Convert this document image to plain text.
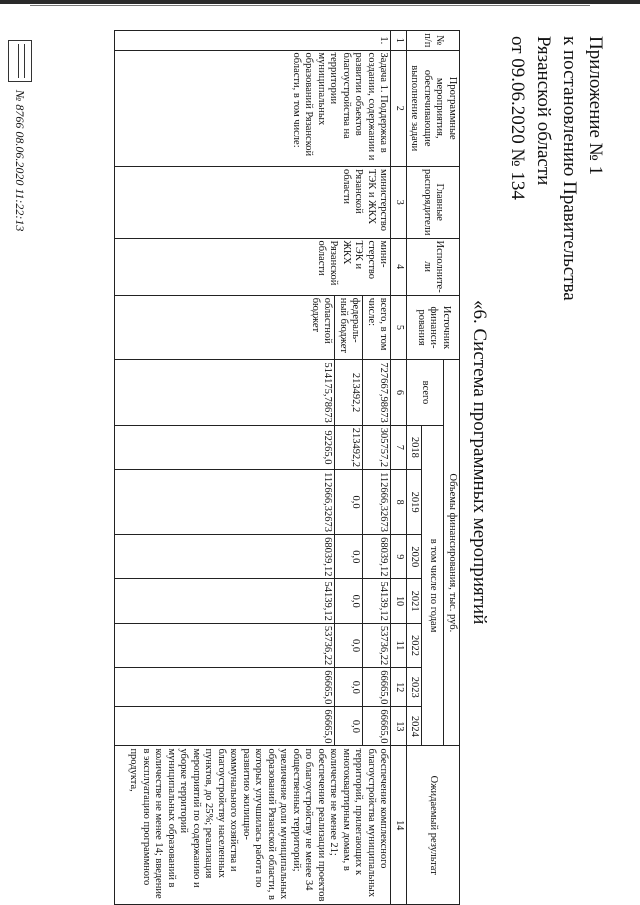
Приложение № 1
к постановлению Правительства
Рязанской области
от 09.06.2020 № 134
«6. Система программных мероприятий
№ п/п	Программные мероприятия, обеспечивающие выполнение задачи	Главные распорядители	Исполните-ли	Источник финанси-рования	Объемы финансирования, тыс. руб.								Ожидаемый результат
					всего	в том числе по годам							
						2018	2019	2020	2021	2022	2023	2024	
1	2	3	4	5	6	7	8	9	10	11	12	13	14
1.	Задача 1. Поддержка в создании, содержании и развитии объектов благоустройства на территории муниципальных образований Рязанской области, в том числе:	министерство ТЭК и ЖКХ Рязанской области	мини-стерство ТЭК и ЖКХ Рязанской области	всего, в том числе:	727667,98673	305757,2	112666,32673	68039,12	54139,12	53736,22	66665,0	66665,0	обеспечение комплексного благоустройства муниципальных территорий, прилегающих к многоквартирным домам, в количестве не менее 21; обеспечение реализации проектов по благоустройству не менее 34 общественных территорий; увеличение доли муниципальных образований Рязанской области, в которых улучшилась работа по развитию жилищно-коммунального хозяйства и благоустройству населенных пунктов, до 25%; реализация мероприятий по содержанию и уборке территорий муниципальных образований в количестве не менее 14; введение в эксплуатацию программного продукта,
				федераль-ный бюджет	213492,2	213492,2	0,0	0,0	0,0	0,0	0,0	0,0	
				областной бюджет	514175,78673	92265,0	112666,32673	68039,12	54139,12	53736,22	66665,0	66665,0	
№ 8766 08.06.2020 11:22:13
